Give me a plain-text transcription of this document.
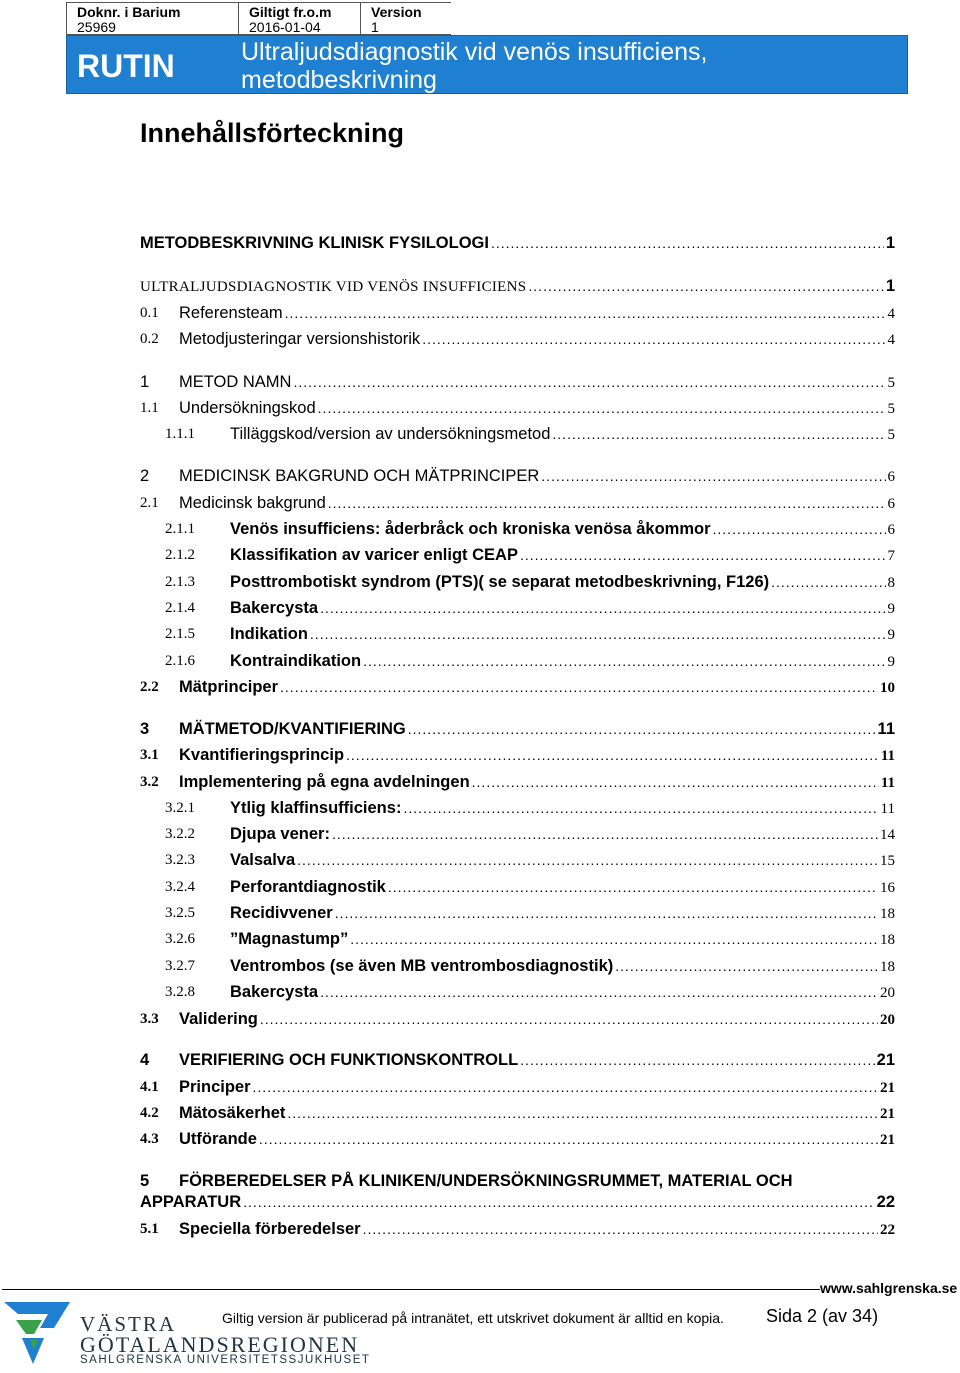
Doknr. i Barium
25969
Giltigt fr.o.m
2016-01-04
Version
1
RUTIN	Ultraljudsdiagnostik vid venös insufficiens, metodbeskrivning
Innehållsförteckning
METODBESKRIVNING KLINISK FYSILOLOGI .....	1
ULTRALJUDSDIAGNOSTIK VID VENÖS INSUFFICIENS .....	1
0.1 Referensteam .....	4
0.2 Metodjusteringar versionshistorik .....	4
1 METOD NAMN .....	5
1.1 Undersökningskod .....	5
1.1.1 Tilläggskod/version av undersökningsmetod .....	5
2 MEDICINSK BAKGRUND OCH MÄTPRINCIPER .....	6
2.1 Medicinsk bakgrund .....	6
2.1.1 Venös insufficiens: åderbråck och kroniska venösa åkommor .....	6
2.1.2 Klassifikation av varicer enligt CEAP .....	7
2.1.3 Posttrombotiskt syndrom (PTS)( se separat metodbeskrivning, F126) .....	8
2.1.4 Bakercysta .....	9
2.1.5 Indikation .....	9
2.1.6 Kontraindikation .....	9
2.2 Mätprinciper .....	10
3 MÄTMETOD/KVANTIFIERING .....	11
3.1 Kvantifieringsprincip .....	11
3.2 Implementering på egna avdelningen .....	11
3.2.1 Ytlig klaffinsufficiens: .....	11
3.2.2 Djupa vener: .....	14
3.2.3 Valsalva .....	15
3.2.4 Perforantdiagnostik .....	16
3.2.5 Recidivvener .....	18
3.2.6 ”Magnastump” .....	18
3.2.7 Ventrombos (se även MB ventrombosdiagnostik) .....	18
3.2.8 Bakercysta .....	20
3.3 Validering .....	20
4 VERIFIERING OCH FUNKTIONSKONTROLL .....	21
4.1 Principer .....	21
4.2 Mätosäkerhet .....	21
4.3 Utförande .....	21
5 FÖRBEREDELSER PÅ KLINIKEN/UNDERSÖKNINGSRUMMET, MATERIAL OCH
APPARATUR .....	22
5.1 Speciella förberedelser .....	22
www.sahlgrenska.se
VÄSTRA
GÖTALANDSREGIONEN
SAHLGRENSKA UNIVERSITETSSJUKHUSET
Giltig version är publicerad på intranätet, ett utskrivet dokument är alltid en kopia. Sida 2 (av 34)
